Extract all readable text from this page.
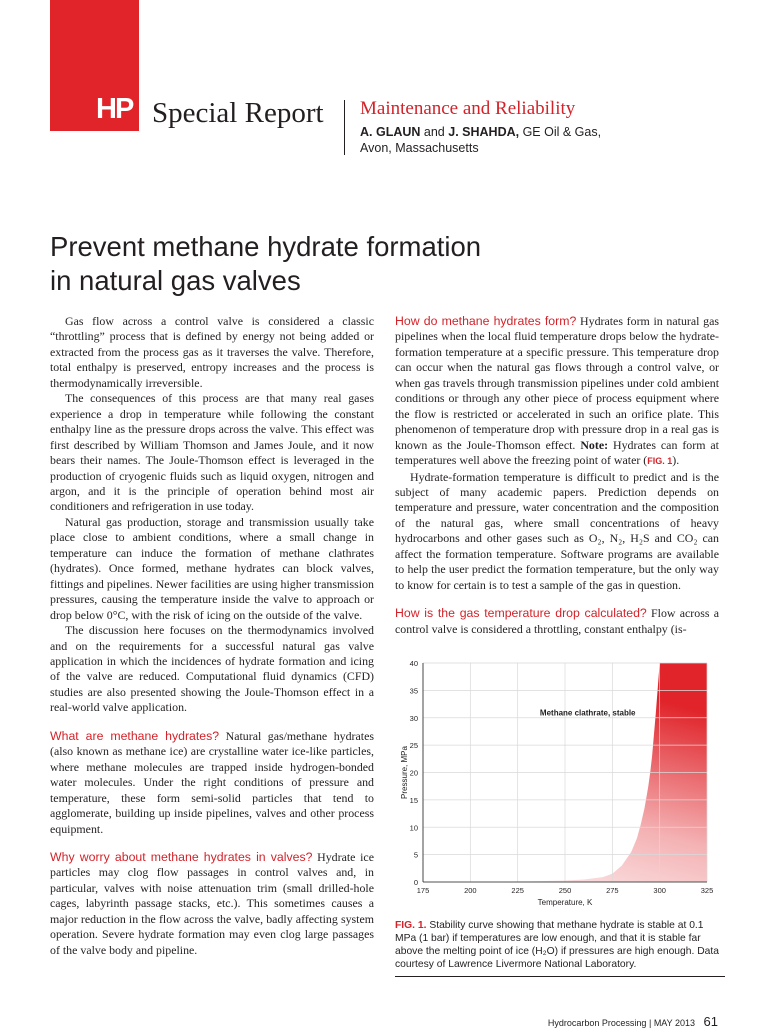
HP Special Report Maintenance and Reliability
A. GLAUN and J. SHAHDA, GE Oil & Gas,
Avon, Massachusetts
Prevent methane hydrate formation
in natural gas valves

Gas flow across a control valve is considered a classic “throttling” process that is defined by energy not being added or extracted from the process gas as it traverses the valve. Therefore, total enthalpy is preserved, entropy increases and the process is thermodynamically irreversible.

The consequences of this process are that many real gases experience a drop in temperature while following the constant enthalpy line as the pressure drops across the valve. This effect was first described by William Thomson and James Joule, and it now bears their names. The Joule-Thomson effect is leveraged in the production of cryogenic fluids such as liquid oxygen, nitrogen and argon, and it is the principle of operation behind most air conditioners and refrigeration in use today.

Natural gas production, storage and transmission usually take place close to ambient conditions, where a small change in temperature can induce the formation of methane clathrates (hydrates). Once formed, methane hydrates can block valves, fittings and pipelines. Newer facilities are using higher transmission pressures, causing the temperature inside the valve to approach or drop below 0°C, with the risk of icing on the outside of the valve.

The discussion here focuses on the thermodynamics involved and on the requirements for a successful natural gas valve application in which the incidences of hydrate formation and icing of the valve are reduced. Computational fluid dynamics (CFD) studies are also presented showing the Joule-Thomson effect in a real-world valve application.

What are methane hydrates? Natural gas/methane hydrates (also known as methane ice) are crystalline water ice-like particles, where methane molecules are trapped inside hydrogen-bonded water molecules. Under the right conditions of pressure and temperature, these form semi-solid particles that tend to agglomerate, building up inside pipelines, valves and other process equipment.

Why worry about methane hydrates in valves? Hydrate ice particles may clog flow passages in control valves and, in particular, valves with noise attenuation trim (small drilled-hole cages, labyrinth passage stacks, etc.). This sometimes causes a major reduction in the flow across the valve, badly affecting system operation. Severe hydrate formation may even clog large passages of the valve body and pipeline.

How do methane hydrates form? Hydrates form in natural gas pipelines when the local fluid temperature drops below the hydrate-formation temperature at a specific pressure. This temperature drop can occur when the natural gas flows through a control valve, or when gas travels through transmission pipelines under cold ambient conditions or through any other piece of process equipment where the flow is restricted or accelerated in such an orifice plate. This phenomenon of temperature drop with pressure drop in a real gas is known as the Joule-Thomson effect. Note: Hydrates can form at temperatures well above the freezing point of water (FIG. 1).

Hydrate-formation temperature is difficult to predict and is the subject of many academic papers. Prediction depends on temperature and pressure, water concentration and the composition of the natural gas, where small concentrations of heavy hydrocarbons and other gases such as O₂, N₂, H₂S and CO₂ can affect the formation temperature. Software programs are available to help the user predict the formation temperature, but the only way to know for certain is to test a sample of the gas in question.

How is the gas temperature drop calculated? Flow across a control valve is considered a throttling, constant enthalpy (is-

0
5
10
15
20
25
30
35
40
175	200	225	250	275	300	325
Temperature, K
Pressure, MPa
Methane clathrate, stable
FIG. 1. Stability curve showing that methane hydrate is stable at 0.1 MPa (1 bar) if temperatures are low enough, and that it is stable far above the melting point of ice (H₂O) if pressures are high enough. Data courtesy of Lawrence Livermore National Laboratory.
Hydrocarbon Processing | MAY 2013 61
